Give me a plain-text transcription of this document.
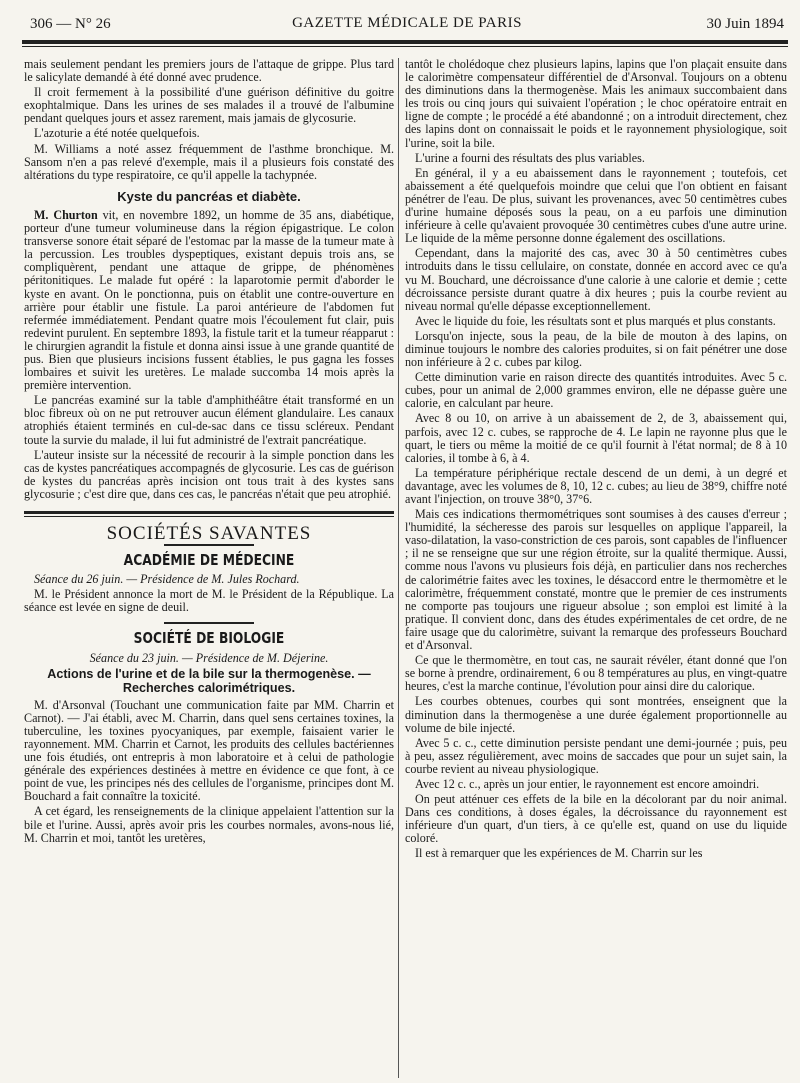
306 — N° 26	GAZETTE MÉDICALE DE PARIS	30 Juin 1894

mais seulement pendant les premiers jours de l'attaque de grippe. Plus tard le salicylate demandé à été donné avec prudence.

Il croit fermement à la possibilité d'une guérison définitive du goitre exophtalmique. Dans les urines de ses malades il a trouvé de l'albumine pendant quelques jours et assez rarement, mais jamais de glycosurie.

L'azoturie a été notée quelquefois.

M. Williams a noté assez fréquemment de l'asthme bronchique. M. Sansom n'en a pas relevé d'exemple, mais il a plusieurs fois constaté des altérations du type respiratoire, ce qu'il appelle la tachypnée.

Kyste du pancréas et diabète.

M. Churton vit, en novembre 1892, un homme de 35 ans, diabétique, porteur d'une tumeur volumineuse dans la région épigastrique. Le colon transverse sonore était séparé de l'estomac par la masse de la tumeur mate à la percussion. Les troubles dyspeptiques, existant depuis trois ans, se compliquèrent, pendant une attaque de grippe, de phénomènes péritonitiques. Le malade fut opéré : la laparotomie permit d'aborder le kyste en avant. On le ponctionna, puis on établit une contre-ouverture en arrière pour établir une fistule. La paroi antérieure de l'abdomen fut refermée immédiatement. Pendant quatre mois l'écoulement fut clair, puis redevint purulent. En septembre 1893, la fistule tarit et la tumeur réapparut : le chirurgien agrandit la fistule et donna ainsi issue à une grande quantité de pus. Bien que plusieurs incisions fussent établies, le pus gagna les fosses lombaires et suivit les uretères. Le malade succomba 14 mois après la première intervention.

Le pancréas examiné sur la table d'amphithéâtre était transformé en un bloc fibreux où on ne put retrouver aucun élément glandulaire. Les canaux atrophiés étaient terminés en cul-de-sac dans ce tissu scléreux. Pendant toute la survie du malade, il lui fut administré de l'extrait pancréatique.

L'auteur insiste sur la nécessité de recourir à la simple ponction dans les cas de kystes pancréatiques accompagnés de glycosurie. Les cas de guérison de kystes du pancréas après incision ont tous trait à des kystes sans glycosurie ; c'est dire que, dans ces cas, le pancréas n'était que peu atrophié.

SOCIÉTÉS SAVANTES
ACADÉMIE DE MÉDECINE

Séance du 26 juin. — Présidence de M. Jules Rochard.

M. le Président annonce la mort de M. le Président de la République. La séance est levée en signe de deuil.

SOCIÉTÉ DE BIOLOGIE

Séance du 23 juin. — Présidence de M. Déjerine.

Actions de l'urine et de la bile sur la thermogenèse. — Recherches calorimétriques.

M. d'Arsonval (Touchant une communication faite par MM. Charrin et Carnot). — J'ai établi, avec M. Charrin, dans quel sens certaines toxines, la tuberculine, les toxines pyocyaniques, par exemple, faisaient varier le rayonnement. MM. Charrin et Carnot, les produits des cellules bactériennes une fois étudiés, ont entrepris à mon laboratoire et à celui de pathologie générale des expériences destinées à mettre en évidence ce que font, à ce point de vue, les principes nés des cellules de l'organisme, principes dont M. Bouchard a fait connaître la toxicité.

A cet égard, les renseignements de la clinique appelaient l'attention sur la bile et l'urine. Aussi, après avoir pris les courbes normales, avons-nous lié, M. Charrin et moi, tantôt les uretères,

tantôt le cholédoque chez plusieurs lapins, lapins que l'on plaçait ensuite dans le calorimètre compensateur différentiel de d'Arsonval. Toujours on a obtenu des diminutions dans la thermogenèse. Mais les animaux succombaient dans les trois ou cinq jours qui suivaient l'opération ; le choc opératoire entrait en ligne de compte ; le procédé a été abandonné ; on a introduit directement, chez des lapins dont on connaissait le poids et le rayonnement physiologique, soit l'urine, soit la bile.

L'urine a fourni des résultats des plus variables.

En général, il y a eu abaissement dans le rayonnement ; toutefois, cet abaissement a été quelquefois moindre que celui que l'on obtient en faisant pénétrer de l'eau. De plus, suivant les provenances, avec 50 centimètres cubes d'urine humaine déposés sous la peau, on a eu parfois une diminution inférieure à celle qu'avaient provoquée 30 centimètres cubes d'une autre urine. Le liquide de la même personne donne également des oscillations.

Cependant, dans la majorité des cas, avec 30 à 50 centimètres cubes introduits dans le tissu cellulaire, on constate, donnée en accord avec ce qu'a vu M. Bouchard, une décroissance d'une calorie à une calorie et demie ; cette décroissance persiste durant quatre à dix heures ; puis la courbe revient au niveau normal qu'elle dépasse exceptionnellement.

Avec le liquide du foie, les résultats sont et plus marqués et plus constants.

Lorsqu'on injecte, sous la peau, de la bile de mouton à des lapins, on diminue toujours le nombre des calories produites, si on fait pénétrer une dose non inférieure à 2 c. cubes par kilog.

Cette diminution varie en raison directe des quantités introduites. Avec 5 c. cubes, pour un animal de 2,000 grammes environ, elle ne dépasse guère une calorie, en calculant par heure.

Avec 8 ou 10, on arrive à un abaissement de 2, de 3, abaissement qui, parfois, avec 12 c. cubes, se rapproche de 4. Le lapin ne rayonne plus que le quart, le tiers ou même la moitié de ce qu'il fournit à l'état normal; de 8 à 10 calories, il tombe à 6, à 4.

La température périphérique rectale descend de un demi, à un degré et davantage, avec les volumes de 8, 10, 12 c. cubes; au lieu de 38°9, chiffre noté avant l'injection, on trouve 38°0, 37°6.

Mais ces indications thermométriques sont soumises à des causes d'erreur ; l'humidité, la sécheresse des parois sur lesquelles on applique l'appareil, la vaso-dilatation, la vaso-constriction de ces parois, sont capables de l'influencer ; il ne se renseigne que sur une région étroite, sur la qualité thermique. Aussi, comme nous l'avons vu plusieurs fois déjà, en particulier dans nos recherches de calorimétrie faites avec les toxines, le désaccord entre le thermomètre et le calorimètre, fréquemment constaté, montre que le premier de ces instruments ne comporte pas toujours une rigueur absolue ; son emploi est limité à la pratique. Il convient donc, dans des études expérimentales de cet ordre, de ne faire usage que du calorimètre, suivant la remarque des professeurs Bouchard et d'Arsonval.

Ce que le thermomètre, en tout cas, ne saurait révéler, étant donné que l'on se borne à prendre, ordinairement, 6 ou 8 températures au plus, en vingt-quatre heures, c'est la marche continue, l'évolution pour ainsi dire du calorique.

Les courbes obtenues, courbes qui sont montrées, enseignent que la diminution dans la thermogenèse a une durée également proportionnelle au volume de bile injecté.

Avec 5 c. c., cette diminution persiste pendant une demi-journée ; puis, peu à peu, assez régulièrement, avec moins de saccades que pour un sujet sain, la courbe revient au niveau physiologique.

Avec 12 c. c., après un jour entier, le rayonnement est encore amoindri.

On peut atténuer ces effets de la bile en la décolorant par du noir animal. Dans ces conditions, à doses égales, la décroissance du rayonnement est inférieure d'un quart, d'un tiers, à ce qu'elle est, quand on use du liquide coloré.

Il est à remarquer que les expériences de M. Charrin sur les
